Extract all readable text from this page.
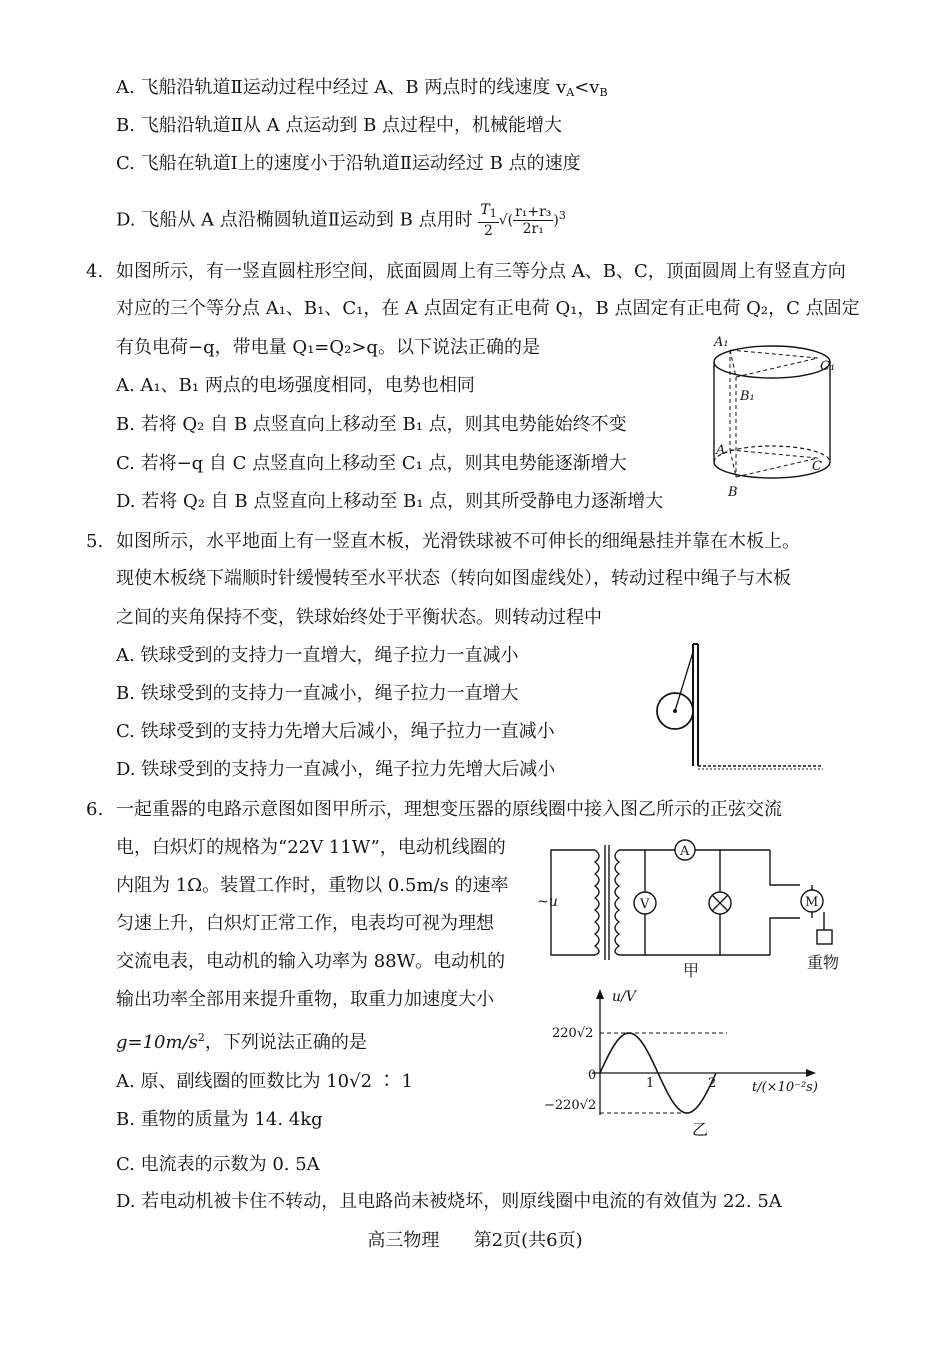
A. 飞船沿轨道Ⅱ运动过程中经过 A、B 两点时的线速度 $v_A<v_B$
B. 飞船沿轨道Ⅱ从 A 点运动到 B 点过程中，机械能增大
C. 飞船在轨道Ⅰ上的速度小于沿轨道Ⅱ运动经过 B 点的速度
D. 飞船从 A 点沿椭圆轨道Ⅱ运动到 B 点用时 $\frac{T_1}{2}$ √( $\frac{\text{r₁+r₃}}{\text{2r₁}} )^3$
4. 如图所示，有一竖直圆柱形空间，底面圆周上有三等分点 A、B、C，顶面圆周上有竖直方向
对应的三个等分点 A₁、B₁、C₁，在 A 点固定有正电荷 Q₁，B 点固定有正电荷 Q₂，C 点固定
有负电荷−q，带电量 Q₁=Q₂>q。以下说法正确的是
A. A₁、B₁ 两点的电场强度相同，电势也相同
B. 若将 Q₂ 自 B 点竖直向上移动至 B₁ 点，则其电势能始终不变
C. 若将−q 自 C 点竖直向上移动至 C₁ 点，则其电势能逐渐增大
D. 若将 Q₂ 自 B 点竖直向上移动至 B₁ 点，则其所受静电力逐渐增大
A₁
C₁
B₁
A
C
B
5. 如图所示，水平地面上有一竖直木板，光滑铁球被不可伸长的细绳悬挂并靠在木板上。
现使木板绕下端顺时针缓慢转至水平状态（转向如图虚线处），转动过程中绳子与木板
之间的夹角保持不变，铁球始终处于平衡状态。则转动过程中
A. 铁球受到的支持力一直增大，绳子拉力一直减小
B. 铁球受到的支持力一直减小，绳子拉力一直增大
C. 铁球受到的支持力先增大后减小，绳子拉力一直减小
D. 铁球受到的支持力一直减小，绳子拉力先增大后减小
6. 一起重器的电路示意图如图甲所示，理想变压器的原线圈中接入图乙所示的正弦交流
电，白炽灯的规格为“22V 11W”，电动机线圈的
内阻为 1Ω。装置工作时，重物以 0.5m/s 的速率
匀速上升，白炽灯正常工作，电表均可视为理想
交流电表，电动机的输入功率为 88W。电动机的
输出功率全部用来提升重物，取重力加速度大小
$g=10m/s^2$，下列说法正确的是
A. 原、副线圈的匝数比为 10√2 ∶ 1
B. 重物的质量为 14. 4kg
C. 电流表的示数为 0. 5A
D. 若电动机被卡住不转动，且电路尚未被烧坏，则原线圈中电流的有效值为 22. 5A
A
V	M
~u
甲	重物
u/V
220√2
−220√2
0
1	2	t/(×10⁻²s)
乙
高三物理 第2页(共6页)
